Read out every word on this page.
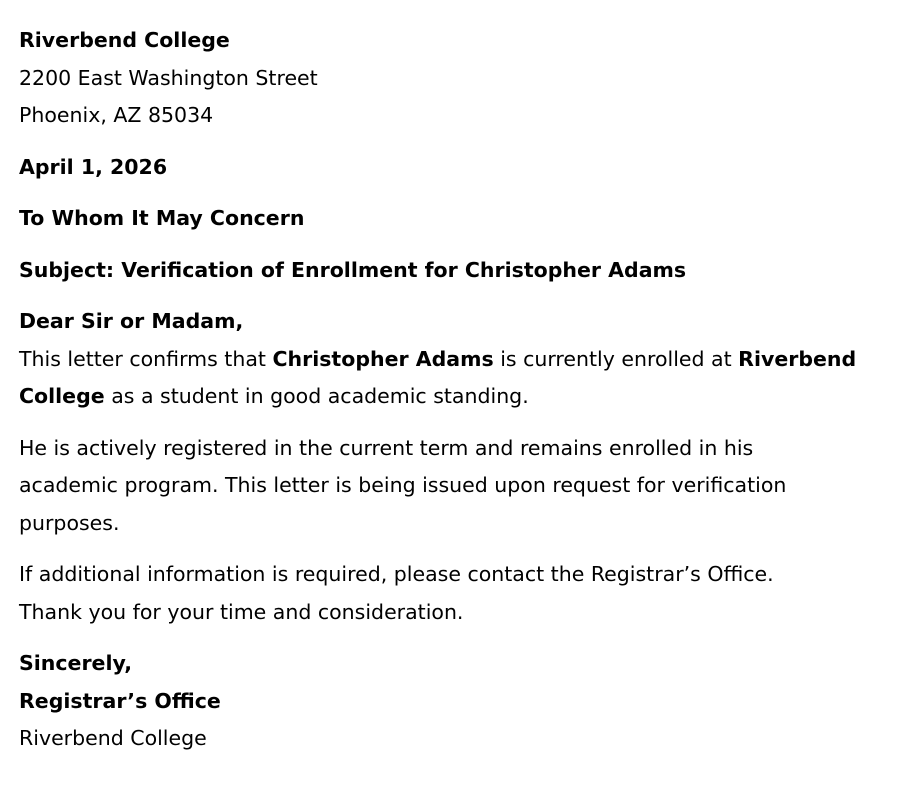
Riverbend College

2200 East Washington Street

Phoenix, AZ 85034

April 1, 2026

To Whom It May Concern

Subject: Verification of Enrollment for Christopher Adams

Dear Sir or Madam,

This letter confirms that Christopher Adams is currently enrolled at Riverbend College as a student in good academic standing.

He is actively registered in the current term and remains enrolled in his

academic program. This letter is being issued upon request for verification

purposes.

If additional information is required, please contact the Registrar’s Office.

Thank you for your time and consideration.

Sincerely,

Registrar’s Office

Riverbend College
